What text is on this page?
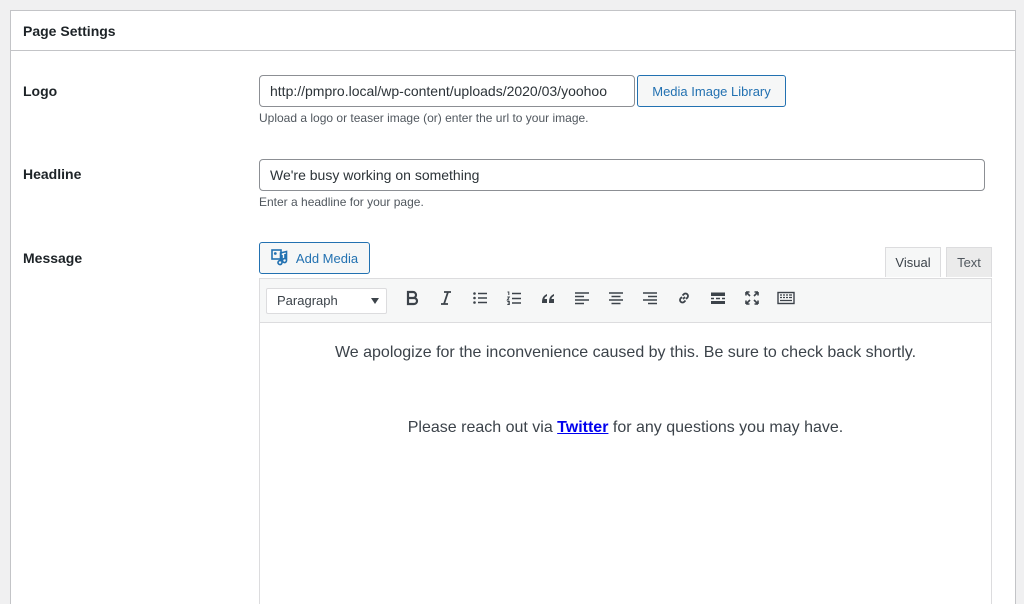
Page Settings
Logo
http://pmpro.local/wp-content/uploads/2020/03/yoohoo	Media Image Library
Upload a logo or teaser image (or) enter the url to your image.
Headline
We're busy working on something
Enter a headline for your page.
Message	Add Media	Visual	Text
Paragraph

We apologize for the inconvenience caused by this. Be sure to check back shortly.

Please reach out via Twitter for any questions you may have.
